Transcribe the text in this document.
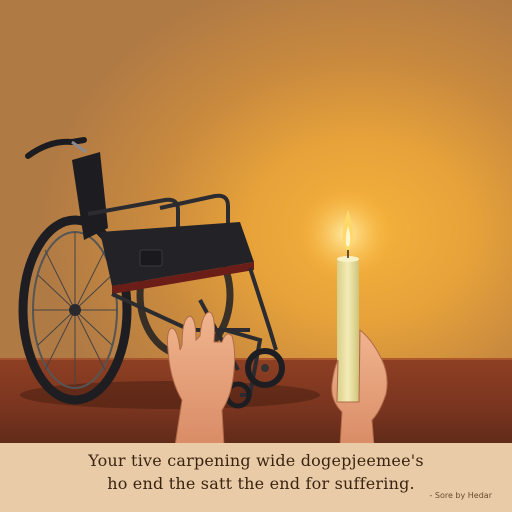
Your tive carpening wide dogepjeemee's
ho end the satt the end for suffering.
- Sore by Hedar
